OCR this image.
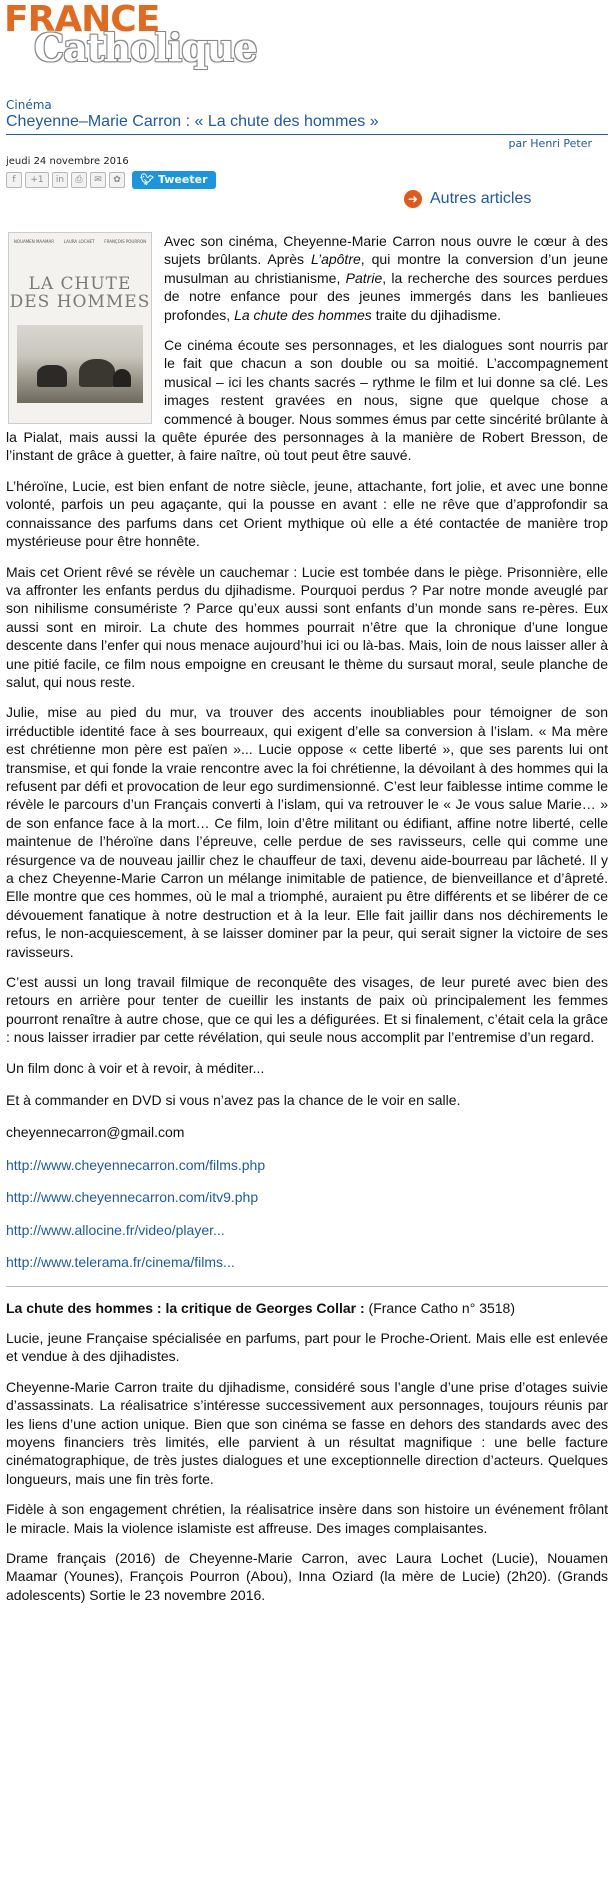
FRANCE
Catholique
Cinéma
Cheyenne–Marie Carron : « La chute des hommes »
par Henri Peter
jeudi 24 novembre 2016
f	+1	in	⎙	✉	✿	🐦︎ Tweeter
➜ Autres articles
NOUAMEN MAAMAR LAURA LOCHET FRANÇOIS POURRON
LA CHUTE
DES HOMMES

Avec son cinéma, Cheyenne-Marie Carron nous ouvre le cœur à des sujets brûlants. Après L’apôtre, qui montre la conversion d’un jeune musulman au christianisme, Patrie, la recherche des sources perdues de notre enfance pour des jeunes immergés dans les banlieues profondes, La chute des hommes traite du djihadisme.

Ce cinéma écoute ses personnages, et les dialogues sont nourris par le fait que chacun a son double ou sa moitié. L’accompagnement musical – ici les chants sacrés – rythme le film et lui donne sa clé. Les images restent gravées en nous, signe que quelque chose a commencé à bouger. Nous sommes émus par cette sincérité brûlante à la Pialat, mais aussi la quête épurée des personnages à la manière de Robert Bresson, de l’instant de grâce à guetter, à faire naître, où tout peut être sauvé.

L’héroïne, Lucie, est bien enfant de notre siècle, jeune, attachante, fort jolie, et avec une bonne volonté, parfois un peu agaçante, qui la pousse en avant : elle ne rêve que d’approfondir sa connaissance des parfums dans cet Orient mythique où elle a été contactée de manière trop mystérieuse pour être honnête.

Mais cet Orient rêvé se révèle un cauchemar : Lucie est tombée dans le piège. Prisonnière, elle va affronter les enfants perdus du djihadisme. Pourquoi perdus ? Par notre monde aveuglé par son nihilisme consumériste ? Parce qu’eux aussi sont enfants d’un monde sans re-pères. Eux aussi sont en miroir. La chute des hommes pourrait n’être que la chronique d’une longue descente dans l’enfer qui nous menace aujourd’hui ici ou là-bas. Mais, loin de nous laisser aller à une pitié facile, ce film nous empoigne en creusant le thème du sursaut moral, seule planche de salut, qui nous reste.

Julie, mise au pied du mur, va trouver des accents inoubliables pour témoigner de son irréductible identité face à ses bourreaux, qui exigent d’elle sa conversion à l’islam. « Ma mère est chrétienne mon père est païen »... Lucie oppose « cette liberté », que ses parents lui ont transmise, et qui fonde la vraie rencontre avec la foi chrétienne, la dévoilant à des hommes qui la refusent par défi et provocation de leur ego surdimensionné. C’est leur faiblesse intime comme le révèle le parcours d’un Français converti à l’islam, qui va retrouver le « Je vous salue Marie… » de son enfance face à la mort… Ce film, loin d’être militant ou édifiant, affine notre liberté, celle maintenue de l’héroïne dans l’épreuve, celle perdue de ses ravisseurs, celle qui comme une résurgence va de nouveau jaillir chez le chauffeur de taxi, devenu aide-bourreau par lâcheté. Il y a chez Cheyenne-Marie Carron un mélange inimitable de patience, de bienveillance et d’âpreté. Elle montre que ces hommes, où le mal a triomphé, auraient pu être différents et se libérer de ce dévouement fanatique à notre destruction et à la leur. Elle fait jaillir dans nos déchirements le refus, le non-acquiescement, à se laisser dominer par la peur, qui serait signer la victoire de ses ravisseurs.

C’est aussi un long travail filmique de reconquête des visages, de leur pureté avec bien des retours en arrière pour tenter de cueillir les instants de paix où principalement les femmes pourront renaître à autre chose, que ce qui les a défigurées. Et si finalement, c’était cela la grâce : nous laisser irradier par cette révélation, qui seule nous accomplit par l’entremise d’un regard.

Un film donc à voir et à revoir, à méditer...
Et à commander en DVD si vous n’avez pas la chance de le voir en salle.
cheyennecarron@gmail.com
http://www.cheyennecarron.com/films.php
http://www.cheyennecarron.com/itv9.php
http://www.allocine.fr/video/player...
http://www.telerama.fr/cinema/films...

La chute des hommes : la critique de Georges Collar : (France Catho n° 3518)

Lucie, jeune Française spécialisée en parfums, part pour le Proche-Orient. Mais elle est enlevée et vendue à des djihadistes.

Cheyenne-Marie Carron traite du djihadisme, considéré sous l’angle d’une prise d’otages suivie d’assassinats. La réalisatrice s’intéresse successivement aux personnages, toujours réunis par les liens d’une action unique. Bien que son cinéma se fasse en dehors des standards avec des moyens financiers très limités, elle parvient à un résultat magnifique : une belle facture cinématographique, de très justes dialogues et une exceptionnelle direction d’acteurs. Quelques longueurs, mais une fin très forte.

Fidèle à son engagement chrétien, la réalisatrice insère dans son histoire un événement frôlant le miracle. Mais la violence islamiste est affreuse. Des images complaisantes.

Drame français (2016) de Cheyenne-Marie Carron, avec Laura Lochet (Lucie), Nouamen Maamar (Younes), François Pourron (Abou), Inna Oziard (la mère de Lucie) (2h20). (Grands adolescents) Sortie le 23 novembre 2016.
